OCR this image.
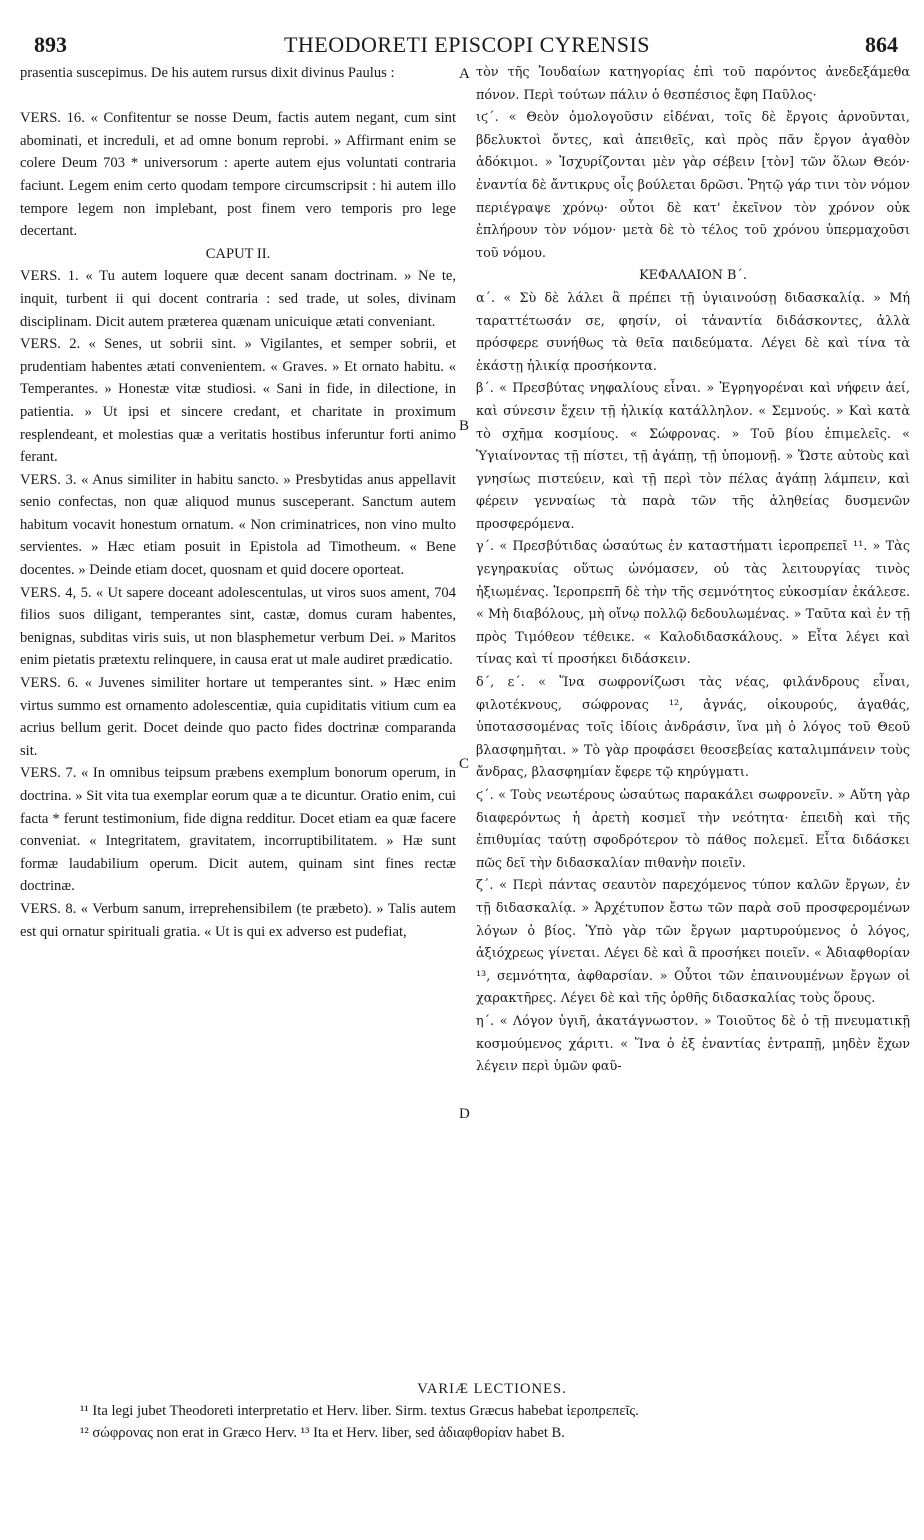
893	THEODORETI EPISCOPI CYRENSIS	864

prasentia suscepimus. De his autem rursus dixit divinus Paulus :

VERS. 16. « Confitentur se nosse Deum, factis autem negant, cum sint abominati, et increduli, et ad omne bonum reprobi. » Affirmant enim se colere Deum 703 * universorum : aperte autem ejus voluntati contraria faciunt. Legem enim certo quodam tempore circumscripsit : hi autem illo tempore legem non implebant, post finem vero temporis pro lege decertant.

CAPUT II.

VERS. 1. « Tu autem loquere quæ decent sanam doctrinam. » Ne te, inquit, turbent ii qui docent contraria : sed trade, ut soles, divinam disciplinam. Dicit autem præterea quænam unicuique ætati conveniant.

VERS. 2. « Senes, ut sobrii sint. » Vigilantes, et semper sobrii, et prudentiam habentes ætati convenientem. « Graves. » Et ornato habitu. « Temperantes. » Honestæ vitæ studiosi. « Sani in fide, in dilectione, in patientia. » Ut ipsi et sincere credant, et charitate in proximum resplendeant, et molestias quæ a veritatis hostibus inferuntur forti animo ferant.

VERS. 3. « Anus similiter in habitu sancto. » Presbytidas anus appellavit senio confectas, non quæ aliquod munus susceperant. Sanctum autem habitum vocavit honestum ornatum. « Non criminatrices, non vino multo servientes. » Hæc etiam posuit in Epistola ad Timotheum. « Bene docentes. » Deinde etiam docet, quosnam et quid docere oporteat.

VERS. 4, 5. « Ut sapere doceant adolescentulas, ut viros suos ament, 704 filios suos diligant, temperantes sint, castæ, domus curam habentes, benignas, subditas viris suis, ut non blasphemetur verbum Dei. » Maritos enim pietatis prætextu relinquere, in causa erat ut male audiret prædicatio.

VERS. 6. « Juvenes similiter hortare ut temperantes sint. » Hæc enim virtus summo est ornamento adolescentiæ, quia cupiditatis vitium cum ea acrius bellum gerit. Docet deinde quo pacto fides doctrinæ comparanda sit.

VERS. 7. « In omnibus teipsum præbens exemplum bonorum operum, in doctrina. » Sit vita tua exemplar eorum quæ a te dicuntur. Oratio enim, cui facta * ferunt testimonium, fide digna redditur. Docet etiam ea quæ facere conveniat. « Integritatem, gravitatem, incorruptibilitatem. » Hæ sunt formæ laudabilium operum. Dicit autem, quinam sint fines rectæ doctrinæ.

VERS. 8. « Verbum sanum, irreprehensibilem (te præbeto). » Talis autem est qui ornatur spirituali gratia. « Ut is qui ex adverso est pudefiat,

τὸν τῆς Ἰουδαίων κατηγορίας ἐπὶ τοῦ παρόντος ἀνεδεξάμεθα πόνον. Περὶ τούτων πάλιν ὁ θεσπέσιος ἔφη Παῦλος·

ιϛ΄. « Θεὸν ὁμολογοῦσιν εἰδέναι, τοῖς δὲ ἔργοις ἀρνοῦνται, βδελυκτοὶ ὄντες, καὶ ἀπειθεῖς, καὶ πρὸς πᾶν ἔργον ἀγαθὸν ἀδόκιμοι. » Ἰσχυρίζονται μὲν γὰρ σέβειν [τὸν] τῶν ὅλων Θεόν· ἐναντία δὲ ἄντικρυς οἷς βούλεται δρῶσι. Ῥητῷ γάρ τινι τὸν νόμον περιέγραψε χρόνῳ· οὗτοι δὲ κατ' ἐκεῖνον τὸν χρόνον οὐκ ἐπλήρουν τὸν νόμον· μετὰ δὲ τὸ τέλος τοῦ χρόνου ὑπερμαχοῦσι τοῦ νόμου.

ΚΕΦΑΛΑΙΟΝ Β΄.

α΄. « Σὺ δὲ λάλει ἃ πρέπει τῇ ὑγιαινούσῃ διδασκαλίᾳ. » Μή ταραττέτωσάν σε, φησίν, οἱ τἀναντία διδάσκοντες, ἀλλὰ πρόσφερε συνήθως τὰ θεῖα παιδεύματα. Λέγει δὲ καὶ τίνα τὰ ἑκάστῃ ἡλικίᾳ προσήκοντα.

β΄. « Πρεσβύτας νηφαλίους εἶναι. » Ἐγρηγορέναι καὶ νήφειν ἀεί, καὶ σύνεσιν ἔχειν τῇ ἡλικίᾳ κατάλληλον. « Σεμνούς. » Καὶ κατὰ τὸ σχῆμα κοσμίους. « Σώφρονας. » Τοῦ βίου ἐπιμελεῖς. « Ὑγιαίνοντας τῇ πίστει, τῇ ἀγάπῃ, τῇ ὑπομονῇ. » Ὥστε αὐτοὺς καὶ γνησίως πιστεύειν, καὶ τῇ περὶ τὸν πέλας ἀγάπῃ λάμπειν, καὶ φέρειν γενναίως τὰ παρὰ τῶν τῆς ἀληθείας δυσμενῶν προσφερόμενα.

γ΄. « Πρεσβύτιδας ὡσαύτως ἐν καταστήματι ἱεροπρεπεῖ ¹¹. » Τὰς γεγηρακυίας οὕτως ὠνόμασεν, οὐ τὰς λειτουργίας τινὸς ἠξιωμένας. Ἱεροπρεπῆ δὲ τὴν τῆς σεμνότητος εὐκοσμίαν ἐκάλεσε. « Μὴ διαβόλους, μὴ οἴνῳ πολλῷ δεδουλωμένας. » Ταῦτα καὶ ἐν τῇ πρὸς Τιμόθεον τέθεικε. « Καλοδιδασκάλους. » Εἶτα λέγει καὶ τίνας καὶ τί προσήκει διδάσκειν.

δ΄, ε΄. « Ἵνα σωφρονίζωσι τὰς νέας, φιλάνδρους εἶναι, φιλοτέκνους, σώφρονας ¹², ἁγνάς, οἰκουρούς, ἀγαθάς, ὑποτασσομένας τοῖς ἰδίοις ἀνδράσιν, ἵνα μὴ ὁ λόγος τοῦ Θεοῦ βλασφημῆται. » Τὸ γὰρ προφάσει θεοσεβείας καταλιμπάνειν τοὺς ἄνδρας, βλασφημίαν ἔφερε τῷ κηρύγματι.

ϛ΄. « Τοὺς νεωτέρους ὡσαύτως παρακάλει σωφρονεῖν. » Αὕτη γὰρ διαφερόντως ἡ ἀρετὴ κοσμεῖ τὴν νεότητα· ἐπειδὴ καὶ τῆς ἐπιθυμίας ταύτῃ σφοδρότερον τὸ πάθος πολεμεῖ. Εἶτα διδάσκει πῶς δεῖ τὴν διδασκαλίαν πιθανὴν ποιεῖν.

ζ΄. « Περὶ πάντας σεαυτὸν παρεχόμενος τύπον καλῶν ἔργων, ἐν τῇ διδασκαλίᾳ. » Ἀρχέτυπον ἔστω τῶν παρὰ σοῦ προσφερομένων λόγων ὁ βίος. Ὑπὸ γὰρ τῶν ἔργων μαρτυρούμενος ὁ λόγος, ἀξιόχρεως γίνεται. Λέγει δὲ καὶ ἃ προσήκει ποιεῖν. « Ἀδιαφθορίαν ¹³, σεμνότητα, ἀφθαρσίαν. » Οὗτοι τῶν ἐπαινουμένων ἔργων οἱ χαρακτῆρες. Λέγει δὲ καὶ τῆς ὀρθῆς διδασκαλίας τοὺς ὅρους.

η΄. « Λόγον ὑγιῆ, ἀκατάγνωστον. » Τοιοῦτος δὲ ὁ τῇ πνευματικῇ κοσμούμενος χάριτι. « Ἵνα ὁ ἐξ ἐναντίας ἐντραπῇ, μηδὲν ἔχων λέγειν περὶ ὑμῶν φαῦ-

A
B
C
D

VARIÆ LECTIONES.

¹¹ Ita legi jubet Theodoreti interpretatio et Herv. liber. Sirm. textus Græcus habebat ἱεροπρεπεῖς.

¹² σώφρονας non erat in Græco Herv. ¹³ Ita et Herv. liber, sed ἀδιαφθορίαν habet B.
